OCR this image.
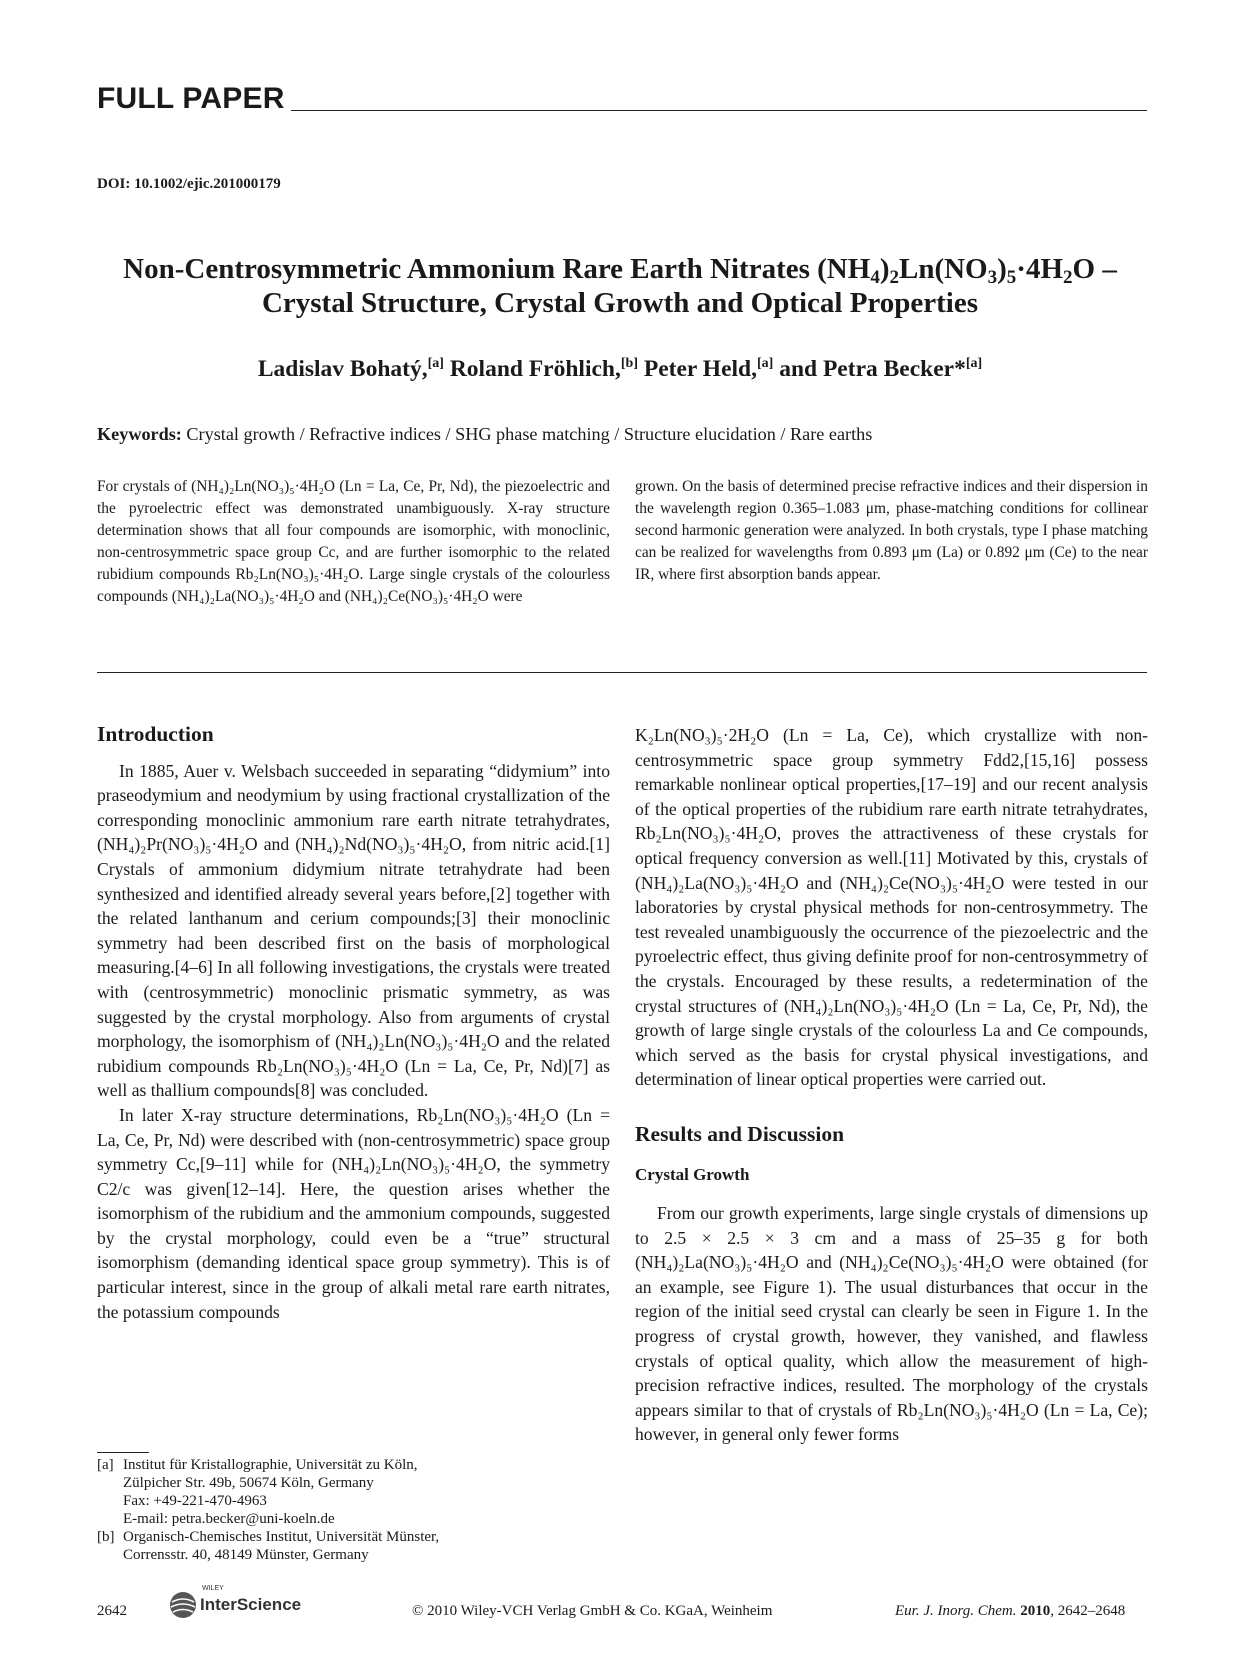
FULL PAPER
DOI: 10.1002/ejic.201000179
Non-Centrosymmetric Ammonium Rare Earth Nitrates $(NH_4)_2Ln(NO_3)_5\cdot 4H_2O$ –
Crystal Structure, Crystal Growth and Optical Properties
Ladislav Bohatý,[a] Roland Fröhlich,[b] Peter Held,[a] and Petra Becker*[a]
Keywords: Crystal growth / Refractive indices / SHG phase matching / Structure elucidation / Rare earths
For crystals of (NH₄)₂Ln(NO₃)₅·4H₂O (Ln = La, Ce, Pr, Nd), the piezoelectric and the pyroelectric effect was demonstrated unambiguously. X-ray structure determination shows that all four compounds are isomorphic, with monoclinic, non-centrosymmetric space group Cc, and are further isomorphic to the related rubidium compounds Rb₂Ln(NO₃)₅·4H₂O. Large single crystals of the colourless compounds (NH₄)₂La(NO₃)₅·4H₂O and (NH₄)₂Ce(NO₃)₅·4H₂O were
grown. On the basis of determined precise refractive indices and their dispersion in the wavelength region 0.365–1.083 μm, phase-matching conditions for collinear second harmonic generation were analyzed. In both crystals, type I phase matching can be realized for wavelengths from 0.893 μm (La) or 0.892 μm (Ce) to the near IR, where first absorption bands appear.
Introduction

In 1885, Auer v. Welsbach succeeded in separating “didymium” into praseodymium and neodymium by using fractional crystallization of the corresponding monoclinic ammonium rare earth nitrate tetrahydrates, (NH₄)₂Pr(NO₃)₅·4H₂O and (NH₄)₂Nd(NO₃)₅·4H₂O, from nitric acid.[1] Crystals of ammonium didymium nitrate tetrahydrate had been synthesized and identified already several years before,[2] together with the related lanthanum and cerium compounds;[3] their monoclinic symmetry had been described first on the basis of morphological measuring.[4–6] In all following investigations, the crystals were treated with (centrosymmetric) monoclinic prismatic symmetry, as was suggested by the crystal morphology. Also from arguments of crystal morphology, the isomorphism of (NH₄)₂Ln(NO₃)₅·4H₂O and the related rubidium compounds Rb₂Ln(NO₃)₅·4H₂O (Ln = La, Ce, Pr, Nd)[7] as well as thallium compounds[8] was concluded.

In later X-ray structure determinations, Rb₂Ln(NO₃)₅·4H₂O (Ln = La, Ce, Pr, Nd) were described with (non-centrosymmetric) space group symmetry Cc,[9–11] while for (NH₄)₂Ln(NO₃)₅·4H₂O, the symmetry C2/c was given[12–14]. Here, the question arises whether the isomorphism of the rubidium and the ammonium compounds, suggested by the crystal morphology, could even be a “true” structural isomorphism (demanding identical space group symmetry). This is of particular interest, since in the group of alkali metal rare earth nitrates, the potassium compounds

K₂Ln(NO₃)₅·2H₂O (Ln = La, Ce), which crystallize with non-centrosymmetric space group symmetry Fdd2,[15,16] possess remarkable nonlinear optical properties,[17–19] and our recent analysis of the optical properties of the rubidium rare earth nitrate tetrahydrates, Rb₂Ln(NO₃)₅·4H₂O, proves the attractiveness of these crystals for optical frequency conversion as well.[11] Motivated by this, crystals of (NH₄)₂La(NO₃)₅·4H₂O and (NH₄)₂Ce(NO₃)₅·4H₂O were tested in our laboratories by crystal physical methods for non-centrosymmetry. The test revealed unambiguously the occurrence of the piezoelectric and the pyroelectric effect, thus giving definite proof for non-centrosymmetry of the crystals. Encouraged by these results, a redetermination of the crystal structures of (NH₄)₂Ln(NO₃)₅·4H₂O (Ln = La, Ce, Pr, Nd), the growth of large single crystals of the colourless La and Ce compounds, which served as the basis for crystal physical investigations, and determination of linear optical properties were carried out.

Results and Discussion
Crystal Growth

From our growth experiments, large single crystals of dimensions up to 2.5 × 2.5 × 3 cm and a mass of 25–35 g for both (NH₄)₂La(NO₃)₅·4H₂O and (NH₄)₂Ce(NO₃)₅·4H₂O were obtained (for an example, see Figure 1). The usual disturbances that occur in the region of the initial seed crystal can clearly be seen in Figure 1. In the progress of crystal growth, however, they vanished, and flawless crystals of optical quality, which allow the measurement of high-precision refractive indices, resulted. The morphology of the crystals appears similar to that of crystals of Rb₂Ln(NO₃)₅·4H₂O (Ln = La, Ce); however, in general only fewer forms

[a] Institut für Kristallographie, Universität zu Köln,
Zülpicher Str. 49b, 50674 Köln, Germany
Fax: +49-221-470-4963
E-mail: petra.becker@uni-koeln.de
[b] Organisch-Chemisches Institut, Universität Münster,
Corrensstr. 40, 48149 Münster, Germany
2642
WILEY
InterScience	© 2010 Wiley-VCH Verlag GmbH & Co. KGaA, Weinheim	Eur. J. Inorg. Chem. 2010, 2642–2648
